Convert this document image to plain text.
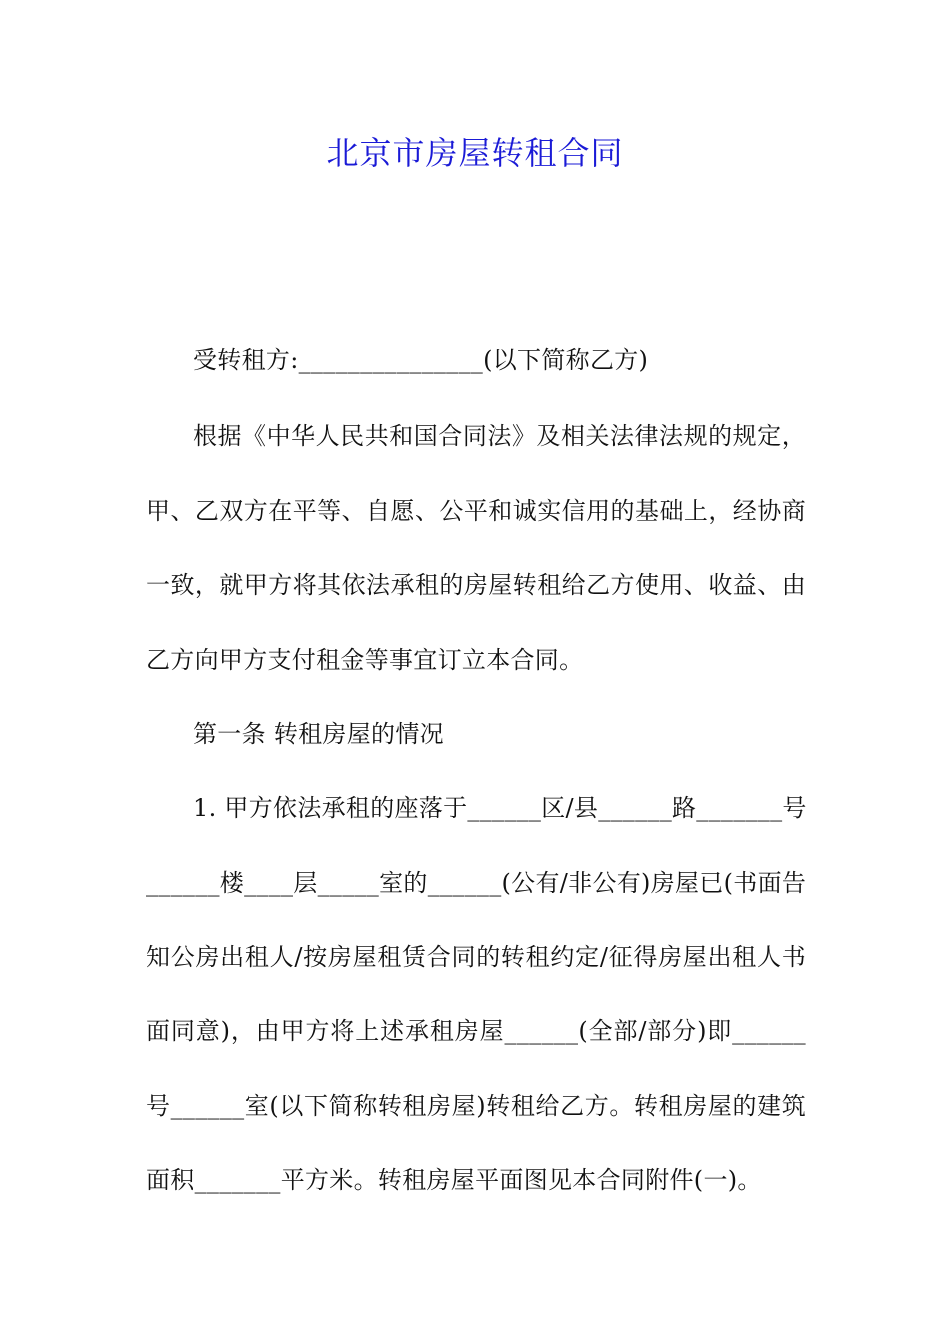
北京市房屋转租合同
受转租方:_______________(以下简称乙方)
根据《中华人民共和国合同法》及相关法律法规的规定，
甲、乙双方在平等、自愿、公平和诚实信用的基础上，经协商
一致，就甲方将其依法承租的房屋转租给乙方使用、收益、由
乙方向甲方支付租金等事宜订立本合同。
第一条 转租房屋的情况
1. 甲方依法承租的座落于______区/县______路_______号
______楼____层_____室的______(公有/非公有)房屋已(书面告
知公房出租人/按房屋租赁合同的转租约定/征得房屋出租人书
面同意)，由甲方将上述承租房屋______(全部/部分)即______
号______室(以下简称转租房屋)转租给乙方。转租房屋的建筑
面积_______平方米。转租房屋平面图见本合同附件(一)。
